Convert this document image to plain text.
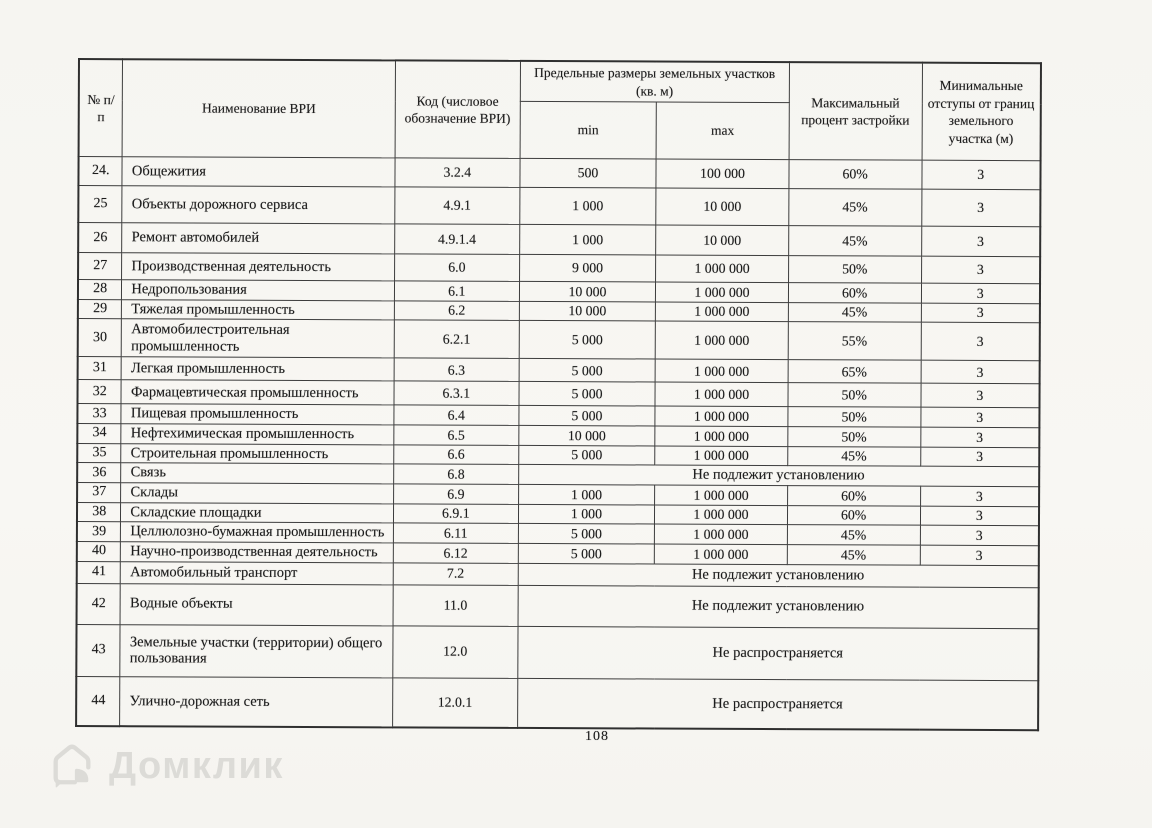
№ п/п	Наименование ВРИ	Код (числовое обозначение ВРИ)	Предельные размеры земельных участков (кв. м)		Максимальный процент застройки	Минимальные отступы от границ земельного участка (м)
			min	max		
24.	Общежития	3.2.4	500	100 000	60%	3
25	Объекты дорожного сервиса	4.9.1	1 000	10 000	45%	3
26	Ремонт автомобилей	4.9.1.4	1 000	10 000	45%	3
27	Производственная деятельность	6.0	9 000	1 000 000	50%	3
28	Недропользования	6.1	10 000	1 000 000	60%	3
29	Тяжелая промышленность	6.2	10 000	1 000 000	45%	3
30	Автомобилестроительная промышленность	6.2.1	5 000	1 000 000	55%	3
31	Легкая промышленность	6.3	5 000	1 000 000	65%	3
32	Фармацевтическая промышленность	6.3.1	5 000	1 000 000	50%	3
33	Пищевая промышленность	6.4	5 000	1 000 000	50%	3
34	Нефтехимическая промышленность	6.5	10 000	1 000 000	50%	3
35	Строительная промышленность	6.6	5 000	1 000 000	45%	3
36	Связь	6.8	Не подлежит установлению			
37	Склады	6.9	1 000	1 000 000	60%	3
38	Складские площадки	6.9.1	1 000	1 000 000	60%	3
39	Целлюлозно-бумажная промышленность	6.11	5 000	1 000 000	45%	3
40	Научно-производственная деятельность	6.12	5 000	1 000 000	45%	3
41	Автомобильный транспорт	7.2	Не подлежит установлению			
42	Водные объекты	11.0	Не подлежит установлению			
43	Земельные участки (территории) общего пользования	12.0	Не распространяется			
44	Улично-дорожная сеть	12.0.1	Не распространяется			
108
Домклик
